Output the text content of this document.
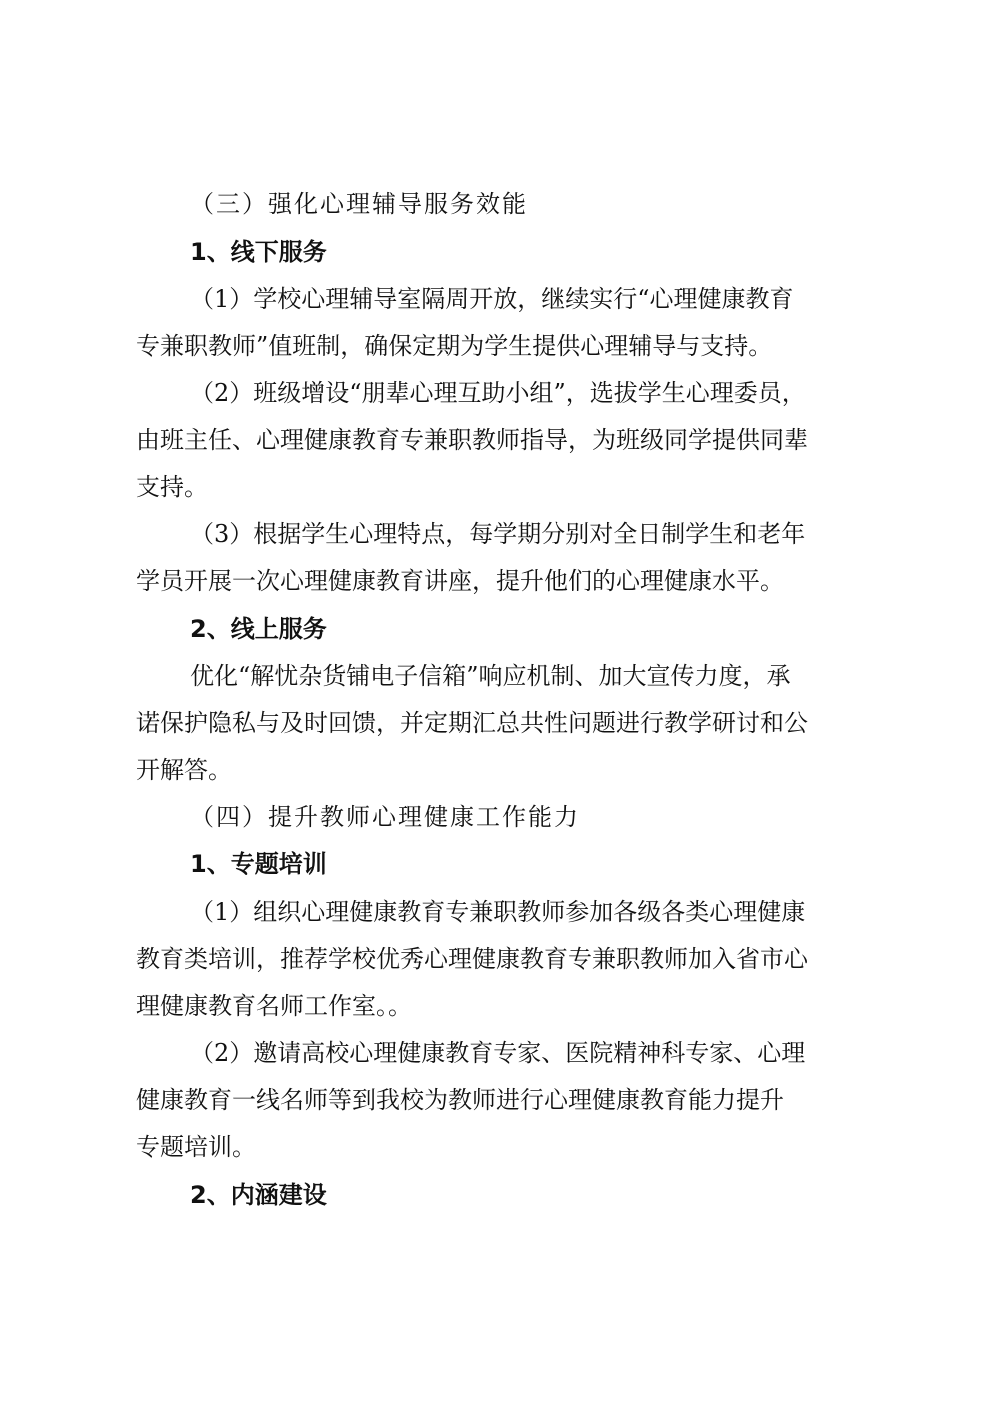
（三）强化心理辅导服务效能
1、线下服务
（1）学校心理辅导室隔周开放，继续实行“心理健康教育
专兼职教师”值班制，确保定期为学生提供心理辅导与支持。
（2）班级增设“朋辈心理互助小组”，选拔学生心理委员，
由班主任、心理健康教育专兼职教师指导，为班级同学提供同辈
支持。
（3）根据学生心理特点，每学期分别对全日制学生和老年
学员开展一次心理健康教育讲座，提升他们的心理健康水平。
2、线上服务
优化“解忧杂货铺电子信箱”响应机制、加大宣传力度，承
诺保护隐私与及时回馈，并定期汇总共性问题进行教学研讨和公
开解答。
（四）提升教师心理健康工作能力
1、专题培训
（1）组织心理健康教育专兼职教师参加各级各类心理健康
教育类培训，推荐学校优秀心理健康教育专兼职教师加入省市心
理健康教育名师工作室。。
（2）邀请高校心理健康教育专家、医院精神科专家、心理
健康教育一线名师等到我校为教师进行心理健康教育能力提升
专题培训。
2、内涵建设
